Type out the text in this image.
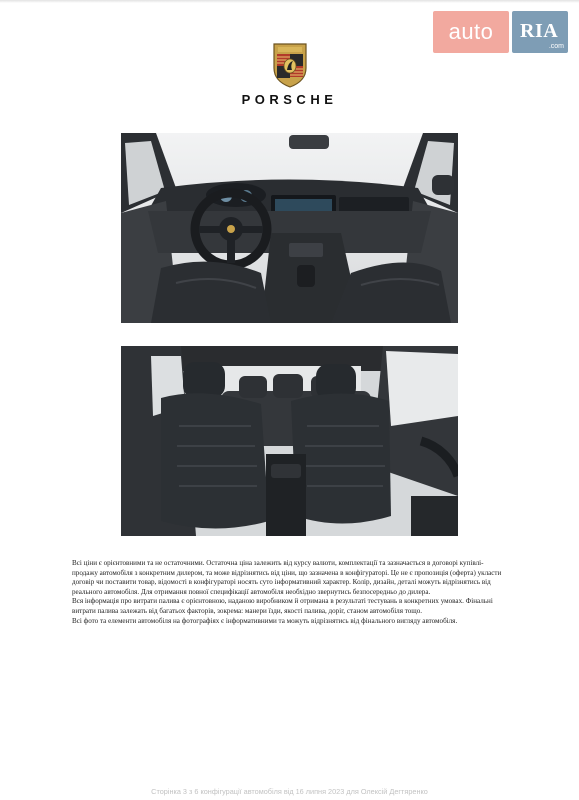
auto RIA
.com
PORSCHE

Всі ціни є орієнтовними та не остаточними. Остаточна ціна залежить від курсу валюти, комплектації та зазначається в договорі купівлі-продажу автомобіля з конкретним дилером, та може відрізнятись від ціни, що зазначена в конфігураторі. Це не є пропозиція (оферта) укласти договір чи поставити товар, відомості в конфігураторі носять суто інформативний характер. Колір, дизайн, деталі можуть відрізнятись від реального автомобіля. Для отримання повної специфікації автомобіля необхідно звернутись безпосередньо до дилера.

Вся інформація про витрати палива є орієнтовною, наданою виробником й отримана в результаті тестувань в конкретних умовах. Фінальні витрати палива залежать від багатьох факторів, зокрема: манери їзди, якості палива, доріг, станом автомобіля тощо.

Всі фото та елементи автомобіля на фотографіях є інформативними та можуть відрізнятись від фінального вигляду автомобіля.

Сторінка 3 з 6 конфігурації автомобіля від 16 липня 2023 для Олексій Дегтяренко
